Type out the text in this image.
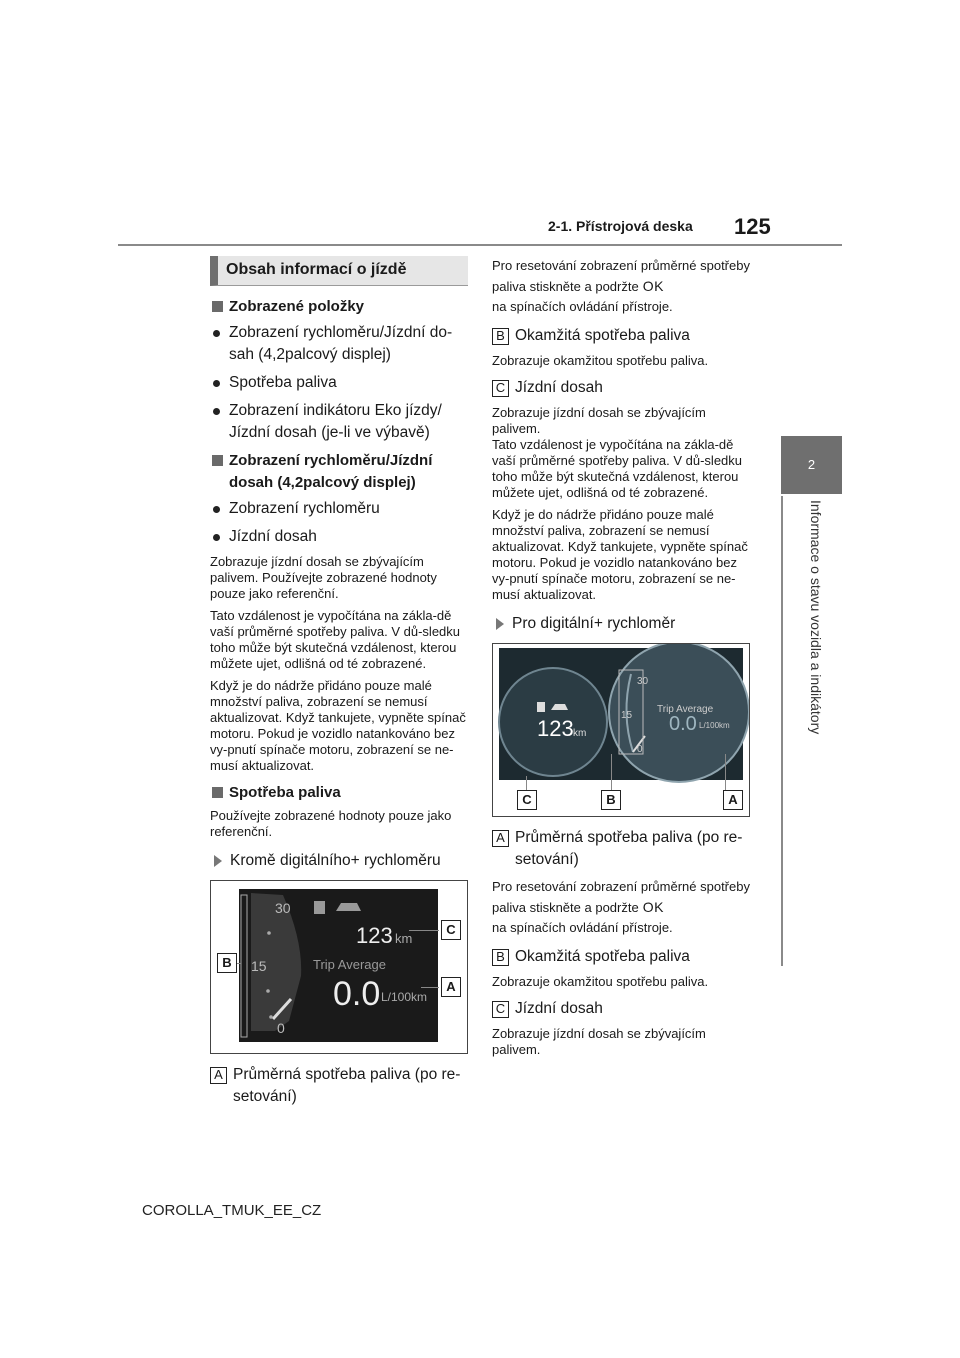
2-1. Přístrojová deska 125
2
Informace o stavu vozidla a indikátory
Obsah informací o jízdě
Zobrazené položky
Zobrazení rychloměru/Jízdní do-sah (4,2palcový displej)
Spotřeba paliva
Zobrazení indikátoru Eko jízdy/ Jízdní dosah (je-li ve výbavě)
Zobrazení rychloměru/Jízdní dosah (4,2palcový displej)
Zobrazení rychloměru
Jízdní dosah

Zobrazuje jízdní dosah se zbývajícím palivem. Používejte zobrazené hodnoty pouze jako referenční.

Tato vzdálenost je vypočítána na zákla-dě vaší průměrné spotřeby paliva. V dů-sledku toho může být skutečná vzdálenost, kterou můžete ujet, odlišná od té zobrazené.

Když je do nádrže přidáno pouze malé množství paliva, zobrazení se nemusí aktualizovat. Když tankujete, vypněte spínač motoru. Pokud je vozidlo natankováno bez vy-pnutí spínače motoru, zobrazení se ne-musí aktualizovat.

Spotřeba paliva

Používejte zobrazené hodnoty pouze jako referenční.

Kromě digitálního+ rychloměru
30
15
0
123 km
Trip Average
0.0 L/100km
B
C
A
A Průměrná spotřeba paliva (po re-setování)
Pro resetování zobrazení průměrné spotřeby paliva stiskněte a podržte OK
na spínačích ovládání přístroje.
B Okamžitá spotřeba paliva

Zobrazuje okamžitou spotřebu paliva.

C Jízdní dosah

Zobrazuje jízdní dosah se zbývajícím palivem.

Tato vzdálenost je vypočítána na zákla-dě vaší průměrné spotřeby paliva. V dů-sledku toho může být skutečná vzdálenost, kterou můžete ujet, odlišná od té zobrazené.

Když je do nádrže přidáno pouze malé množství paliva, zobrazení se nemusí aktualizovat. Když tankujete, vypněte spínač motoru. Pokud je vozidlo natankováno bez vy-pnutí spínače motoru, zobrazení se ne-musí aktualizovat.

Pro digitální+ rychloměr
123 km
30
15
0
Trip Average
0.0 L/100km
C	B	A
A Průměrná spotřeba paliva (po re-setování)
Pro resetování zobrazení průměrné spotřeby paliva stiskněte a podržte OK
na spínačích ovládání přístroje.
B Okamžitá spotřeba paliva

Zobrazuje okamžitou spotřebu paliva.

C Jízdní dosah

Zobrazuje jízdní dosah se zbývajícím palivem.

COROLLA_TMUK_EE_CZ
